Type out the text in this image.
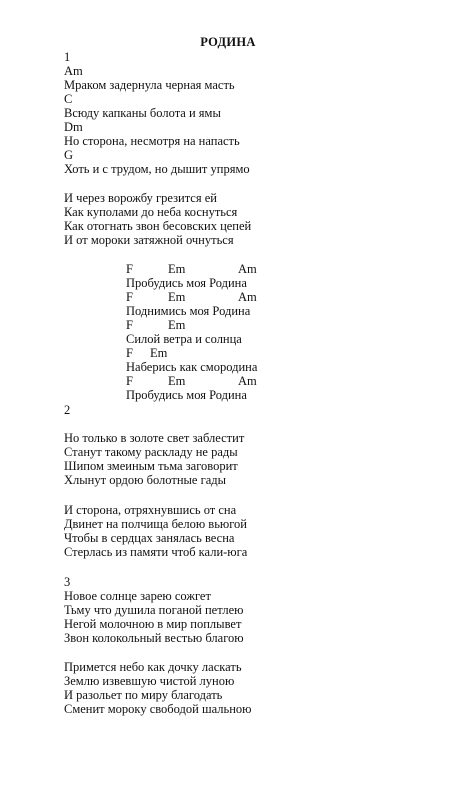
РОДИНА
1
Am
Мраком задернула черная масть
C
Всюду капканы болота и ямы
Dm
Но сторона, несмотря на напасть
G
Хоть и с трудом, но дышит упрямо
И через ворожбу грезится ей
Как куполами до неба коснуться
Как отогнать звон бесовских цепей
И от мороки затяжной очнуться
F	Em	Am
Пробудись моя Родина
F	Em	Am
Поднимись моя Родина
F	Em
Силой ветра и солнца
F Em
Наберись как смородина
F	Em	Am
Пробудись моя Родина
2
Но только в золоте свет заблестит
Станут такому раскладу не рады
Шипом змеиным тьма заговорит
Хлынут ордою болотные гады
И сторона, отряхнувшись от сна
Двинет на полчища белою вьюгой
Чтобы в сердцах занялась весна
Стерлась из памяти чтоб кали-юга
3
Новое солнце зарею сожгет
Тьму что душила поганой петлею
Негой молочною в мир поплывет
Звон колокольный вестью благою
Примется небо как дочку ласкать
Землю извевшую чистой луною
И разольет по миру благодать
Сменит мороку свободой шальною
